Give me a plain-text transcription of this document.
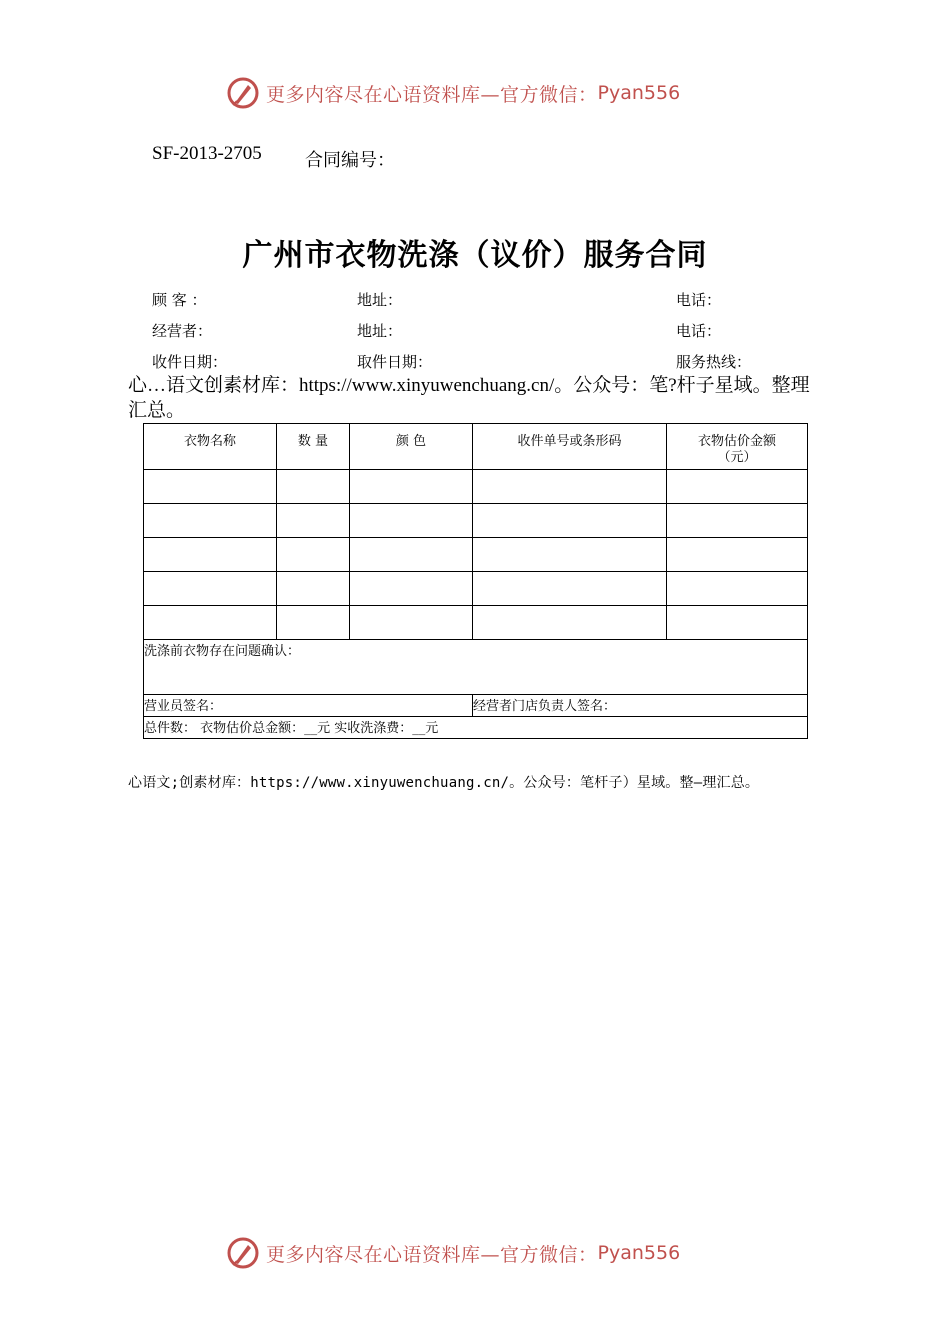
更多内容尽在心语资料库—官方微信： Pyan556
SF-2013-2705 合同编号：
广州市衣物洗涤（议价）服务合同
顾 客 ：	地址：	电话：
经营者：	地址：	电话：
收件日期：	取件日期：	服务热线：
心…语文创素材库：https://www.xinyuwenchuang.cn/。公众号：笔?杆子星域。整理汇总。
衣物名称	数 量	颜 色	收件单号或条形码	衣物估价金额（元）

洗涤前衣物存在问题确认：				
营业员签名：			经营者门店负责人签名：	
总件数： 衣物估价总金额：__元 实收洗涤费：__元				
心语文;创素材库：https://www.xinyuwenchuang.cn/。公众号：笔杆子）星域。整—理汇总。
更多内容尽在心语资料库—官方微信： Pyan556
